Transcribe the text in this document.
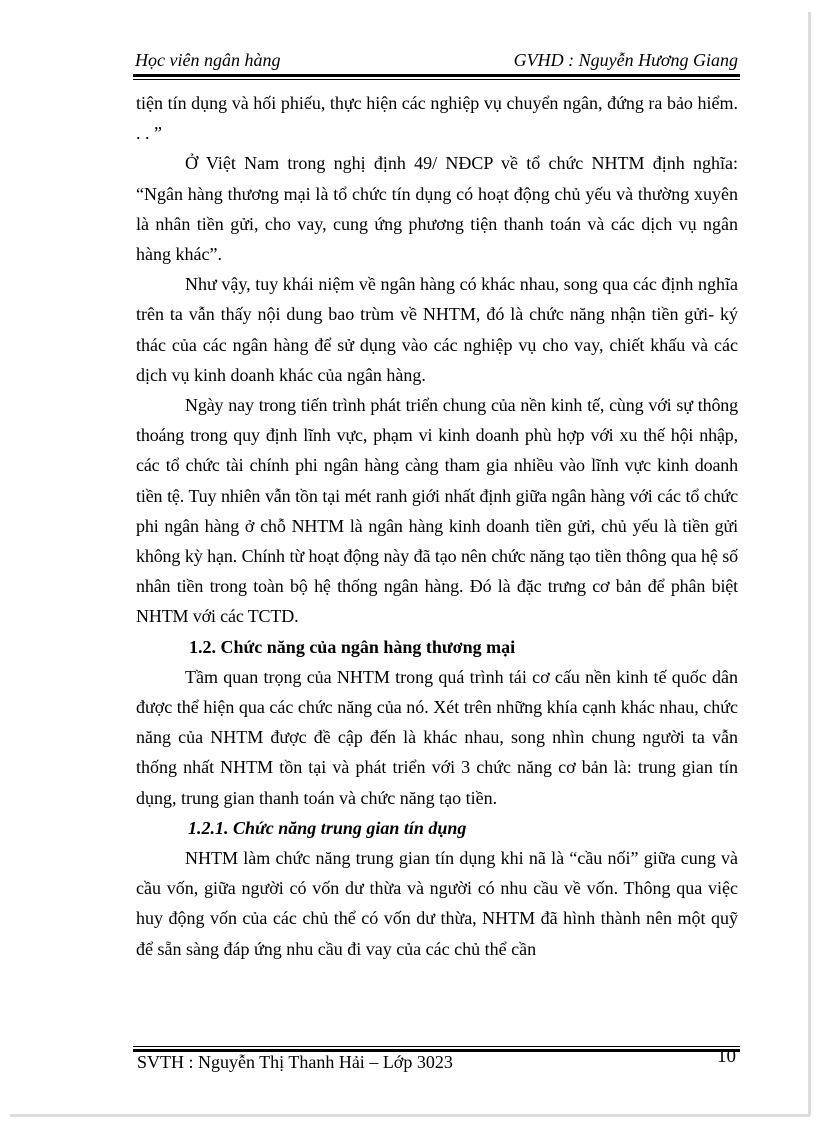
Học viên ngân hàng	GVHD : Nguyễn Hương Giang

tiện tín dụng và hối phiếu, thực hiện các nghiệp vụ chuyển ngân, đứng ra bảo hiểm. . . ”

Ở Việt Nam trong nghị định 49/ NĐCP về tổ chức NHTM định nghĩa: “Ngân hàng thương mại là tổ chức tín dụng có hoạt động chủ yếu và thường xuyên là nhân tiền gửi, cho vay, cung ứng phương tiện thanh toán và các dịch vụ ngân hàng khác”.

Như vậy, tuy khái niệm về ngân hàng có khác nhau, song qua các định nghĩa trên ta vẫn thấy nội dung bao trùm về NHTM, đó là chức năng nhận tiền gửi- ký thác của các ngân hàng để sử dụng vào các nghiệp vụ cho vay, chiết khấu và các dịch vụ kinh doanh khác của ngân hàng.

Ngày nay trong tiến trình phát triển chung của nền kinh tế, cùng với sự thông thoáng trong quy định lĩnh vực, phạm vi kinh doanh phù hợp với xu thế hội nhập, các tổ chức tài chính phi ngân hàng càng tham gia nhiều vào lĩnh vực kinh doanh tiền tệ. Tuy nhiên vẫn tồn tại mét ranh giới nhất định giữa ngân hàng với các tổ chức phi ngân hàng ở chỗ NHTM là ngân hàng kinh doanh tiền gửi, chủ yếu là tiền gửi không kỳ hạn. Chính từ hoạt động này đã tạo nên chức năng tạo tiền thông qua hệ số nhân tiền trong toàn bộ hệ thống ngân hàng. Đó là đặc trưng cơ bản để phân biệt NHTM với các TCTD.

1.2. Chức năng của ngân hàng thương mại

Tầm quan trọng của NHTM trong quá trình tái cơ cấu nền kinh tế quốc dân được thể hiện qua các chức năng của nó. Xét trên những khía cạnh khác nhau, chức năng của NHTM được đề cập đến là khác nhau, song nhìn chung người ta vẫn thống nhất NHTM tồn tại và phát triển với 3 chức năng cơ bản là: trung gian tín dụng, trung gian thanh toán và chức năng tạo tiền.

1.2.1. Chức năng trung gian tín dụng

NHTM làm chức năng trung gian tín dụng khi nã là “cầu nối” giữa cung và cầu vốn, giữa người có vốn dư thừa và người có nhu cầu về vốn. Thông qua việc huy động vốn của các chủ thể có vốn dư thừa, NHTM đã hình thành nên một quỹ để sẵn sàng đáp ứng nhu cầu đi vay của các chủ thể cần

SVTH : Nguyễn Thị Thanh Hải – Lớp 3023	10
